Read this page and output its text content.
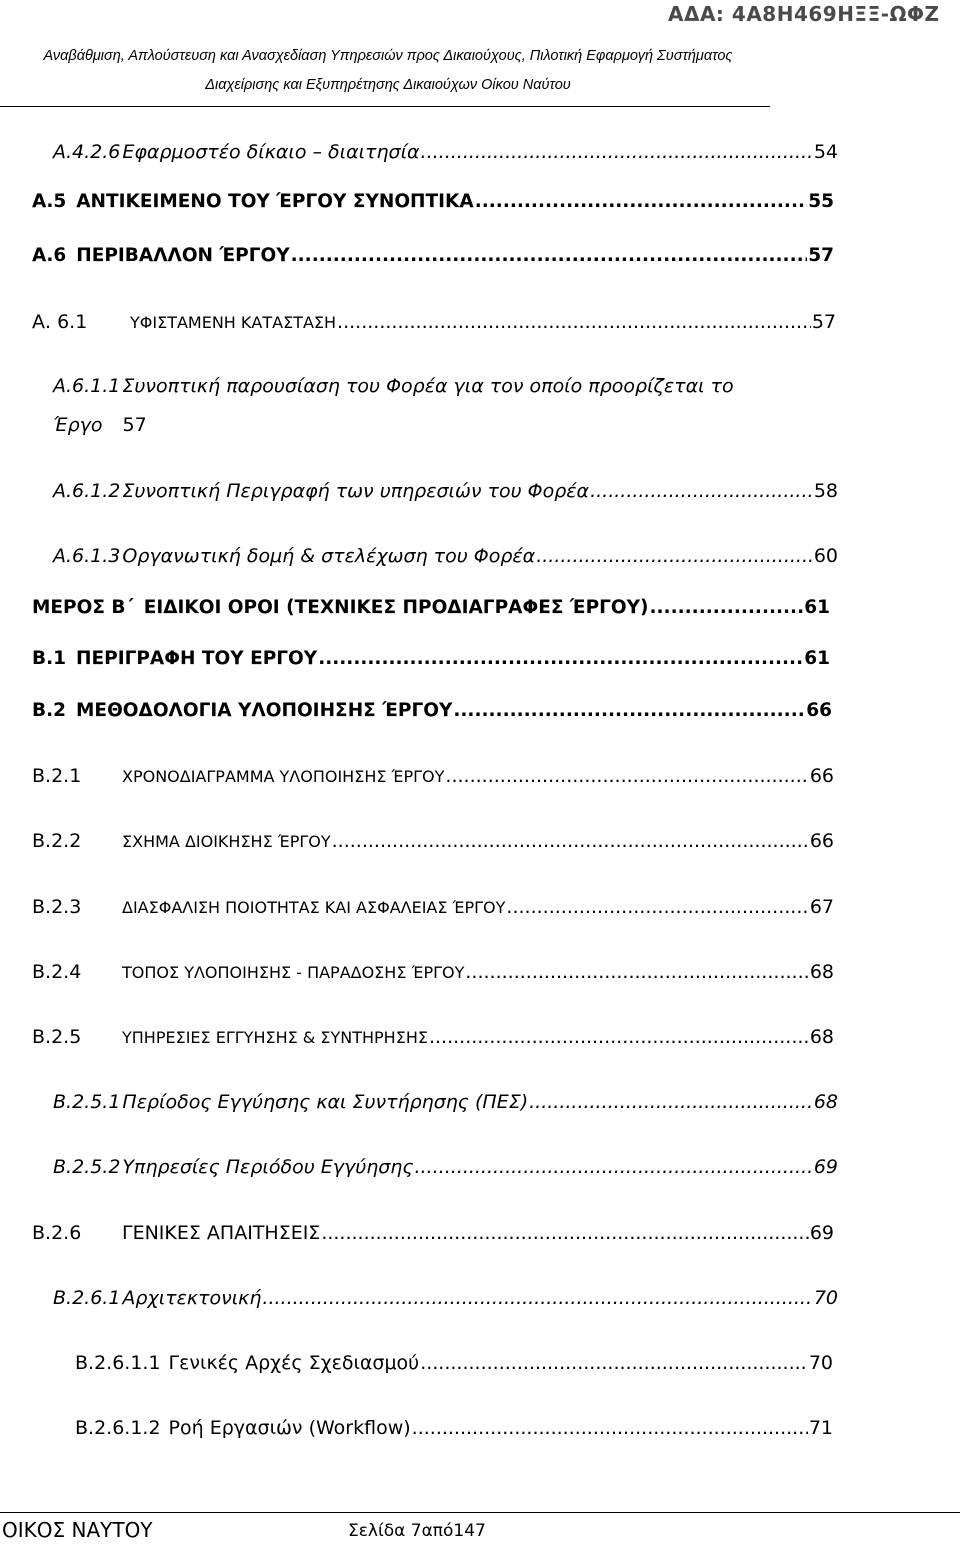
ΑΔΑ: 4Α8Η469ΗΞΞ-ΩΦΖ
Αναβάθμιση, Απλούστευση και Ανασχεδίαση Υπηρεσιών προς Δικαιούχους, Πιλοτική Εφαρμογή Συστήματος
Διαχείρισης και Εξυπηρέτησης Δικαιούχων Οίκου Ναύτου
Α.4.2.6 Εφαρμοστέο δίκαιο – διαιτησία .....	54
Α.5 ΑΝΤΙΚΕΙΜΕΝΟ ΤΟΥ ΈΡΓΟΥ ΣΥΝΟΠΤΙΚΑ .....	55
Α.6 ΠΕΡΙΒΑΛΛΟΝ ΈΡΓΟΥ .....	57
Α. 6.1	ΥΦΙΣΤΑΜΕΝΗ ΚΑΤΑΣΤΑΣΗ .....	57
Α.6.1.1 Συνοπτική παρουσίαση του Φορέα για τον οποίο προορίζεται το
Έργο 57
Α.6.1.2 Συνοπτική Περιγραφή των υπηρεσιών του Φορέα .....	58
Α.6.1.3 Οργανωτική δομή & στελέχωση του Φορέα .....	60
ΜΕΡΟΣ Β΄ ΕΙΔΙΚΟΙ ΟΡΟΙ (ΤΕΧΝΙΚΕΣ ΠΡΟΔΙΑΓΡΑΦΕΣ ΈΡΓΟΥ) .....	61
Β.1 ΠΕΡΙΓΡΑΦΗ ΤΟΥ ΕΡΓΟΥ .....	61
Β.2 ΜΕΘΟΔΟΛΟΓΙΑ ΥΛΟΠΟΙΗΣΗΣ ΈΡΓΟΥ .....	66
Β.2.1	ΧΡΟΝΟΔΙΑΓΡΑΜΜΑ ΥΛΟΠΟΙΗΣΗΣ ΈΡΓΟΥ .....	66
Β.2.2	ΣΧΗΜΑ ΔΙΟΙΚΗΣΗΣ ΈΡΓΟΥ .....	66
Β.2.3	ΔΙΑΣΦΑΛΙΣΗ ΠΟΙΟΤΗΤΑΣ ΚΑΙ ΑΣΦΑΛΕΙΑΣ ΈΡΓΟΥ .....	67
Β.2.4	ΤΟΠΟΣ ΥΛΟΠΟΙΗΣΗΣ - ΠΑΡΑΔΟΣΗΣ ΈΡΓΟΥ .....	68
Β.2.5	ΥΠΗΡΕΣΙΕΣ ΕΓΓΥΗΣΗΣ & ΣΥΝΤΗΡΗΣΗΣ .....	68
Β.2.5.1 Περίοδος Εγγύησης και Συντήρησης (ΠΕΣ) .....	68
Β.2.5.2 Υπηρεσίες Περιόδου Εγγύησης .....	69
Β.2.6	ΓΕΝΙΚΕΣ ΑΠΑΙΤΗΣΕΙΣ .....	69
Β.2.6.1 Αρχιτεκτονική .....	70
Β.2.6.1.1 Γενικές Αρχές Σχεδιασμού .....	70
Β.2.6.1.2 Ροή Εργασιών (Workflow) .....	71
ΟΙΚΟΣ ΝΑΥΤΟΥ	Σελίδα 7από147
